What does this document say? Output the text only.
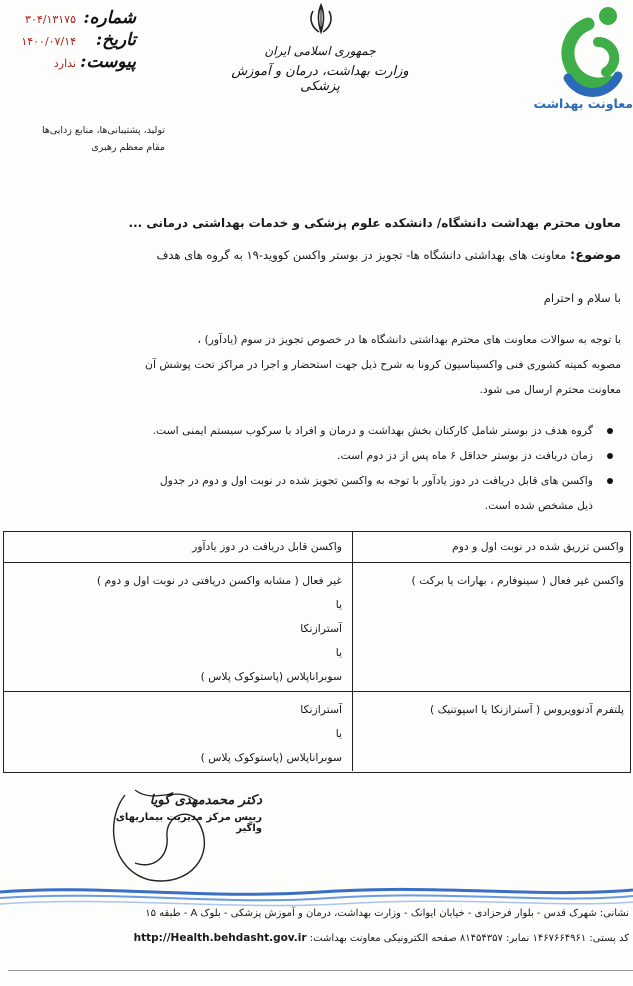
شماره:
۳۰۴/۱۳۱۷۵
تاریخ:
۱۴۰۰/۰۷/۱۴
پیوست:
ندارد
تولید، پشتیبانی‌ها، منابع زدایی‌ها
مقام معظم رهبری
جمهوری اسلامی ایران
وزارت بهداشت، درمان و آموزش پزشکی
معاونت بهداشت
معاون محترم بهداشت دانشگاه/ دانشکده علوم پزشکی و خدمات بهداشتی درمانی ...
موضوع: معاونت های بهداشتی دانشگاه ها- تجویز دز بوستر واکسن کووید-۱۹ به گروه های هدف
با سلام و احترام
با توجه به سوالات معاونت های محترم بهداشتی دانشگاه ها در خصوص تجویز دز سوم (یادآور) ،
مصوبه کمیته کشوری فنی واکسیناسیون کرونا به شرح ذیل جهت استحضار و اجرا در مراکز تحت پوشش آن
معاونت محترم ارسال می شود.
گروه هدف دز بوستر شامل کارکنان بخش بهداشت و درمان و افراد با سرکوب سیستم ایمنی است.
زمان دریافت دز بوستر حداقل ۶ ماه پس از دز دوم است.
واکسن های قابل دریافت در دوز یادآور با توجه به واکسن تجویز شده در نوبت اول و دوم در جدول
ذیل مشخص شده است.
واکسن تزریق شده در نوبت اول و دوم
واکسن قابل دریافت در دوز یادآور
واکسن غیر فعال ( سینوفارم ، بهارات یا برکت )
غیر فعال ( مشابه واکسن دریافتی در نوبت اول و دوم )
یا
آسترازنکا
یا
سوبراناپلاس (پاستوکوک پلاس )
پلتفرم آدنوویروس ( آسترازنکا یا اسپوتنیک )
آسترازنکا
یا
سوبراناپلاس (پاستوکوک پلاس )
دکتر محمدمهدی گویا
رییس مرکز مدیریت بیماریهای واگیر
نشانی: شهرک قدس - بلوار فرحزادی - خیابان ایوانک - وزارت بهداشت، درمان و آموزش پزشکی - بلوک A - طبقه ۱۵
کد پستی: ۱۴۶۷۶۶۴۹۶۱ نمابر: ۸۱۴۵۴۳۵۷ صفحه الکترونیکی معاونت بهداشت: http://Health.behdasht.gov.ir
